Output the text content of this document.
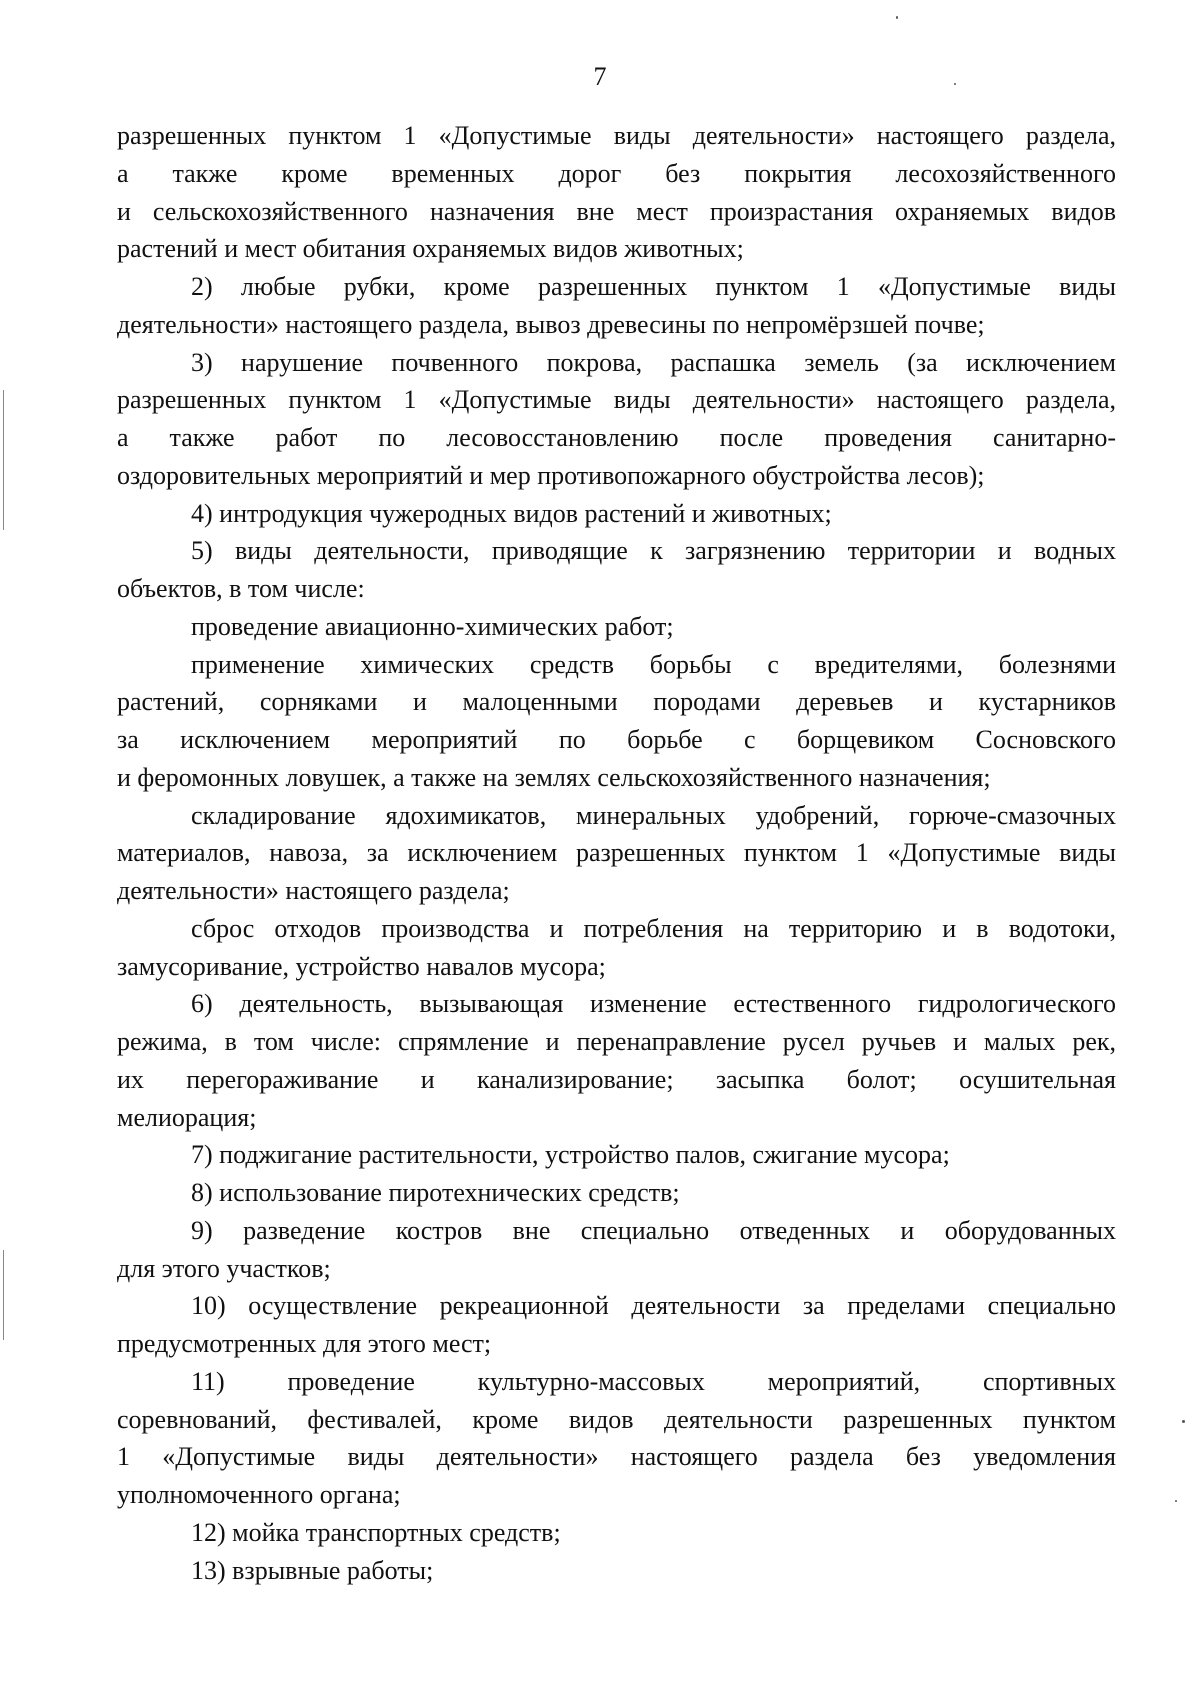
7
разрешенных пунктом 1 «Допустимые виды деятельности» настоящего раздела,
а также кроме временных дорог без покрытия лесохозяйственного
и сельскохозяйственного назначения вне мест произрастания охраняемых видов
растений и мест обитания охраняемых видов животных;
2) любые рубки, кроме разрешенных пунктом 1 «Допустимые виды
деятельности» настоящего раздела, вывоз древесины по непромёрзшей почве;
3) нарушение почвенного покрова, распашка земель (за исключением
разрешенных пунктом 1 «Допустимые виды деятельности» настоящего раздела,
а также работ по лесовосстановлению после проведения санитарно-
оздоровительных мероприятий и мер противопожарного обустройства лесов);
4) интродукция чужеродных видов растений и животных;
5) виды деятельности, приводящие к загрязнению территории и водных
объектов, в том числе:
проведение авиационно-химических работ;
применение химических средств борьбы с вредителями, болезнями
растений, сорняками и малоценными породами деревьев и кустарников
за исключением мероприятий по борьбе с борщевиком Сосновского
и феромонных ловушек, а также на землях сельскохозяйственного назначения;
складирование ядохимикатов, минеральных удобрений, горюче-смазочных
материалов, навоза, за исключением разрешенных пунктом 1 «Допустимые виды
деятельности» настоящего раздела;
сброс отходов производства и потребления на территорию и в водотоки,
замусоривание, устройство навалов мусора;
6) деятельность, вызывающая изменение естественного гидрологического
режима, в том числе: спрямление и перенаправление русел ручьев и малых рек,
их перегораживание и канализирование; засыпка болот; осушительная
мелиорация;
7) поджигание растительности, устройство палов, сжигание мусора;
8) использование пиротехнических средств;
9) разведение костров вне специально отведенных и оборудованных
для этого участков;
10) осуществление рекреационной деятельности за пределами специально
предусмотренных для этого мест;
11) проведение культурно-массовых мероприятий, спортивных
соревнований, фестивалей, кроме видов деятельности разрешенных пунктом
1 «Допустимые виды деятельности» настоящего раздела без уведомления
уполномоченного органа;
12) мойка транспортных средств;
13) взрывные работы;
